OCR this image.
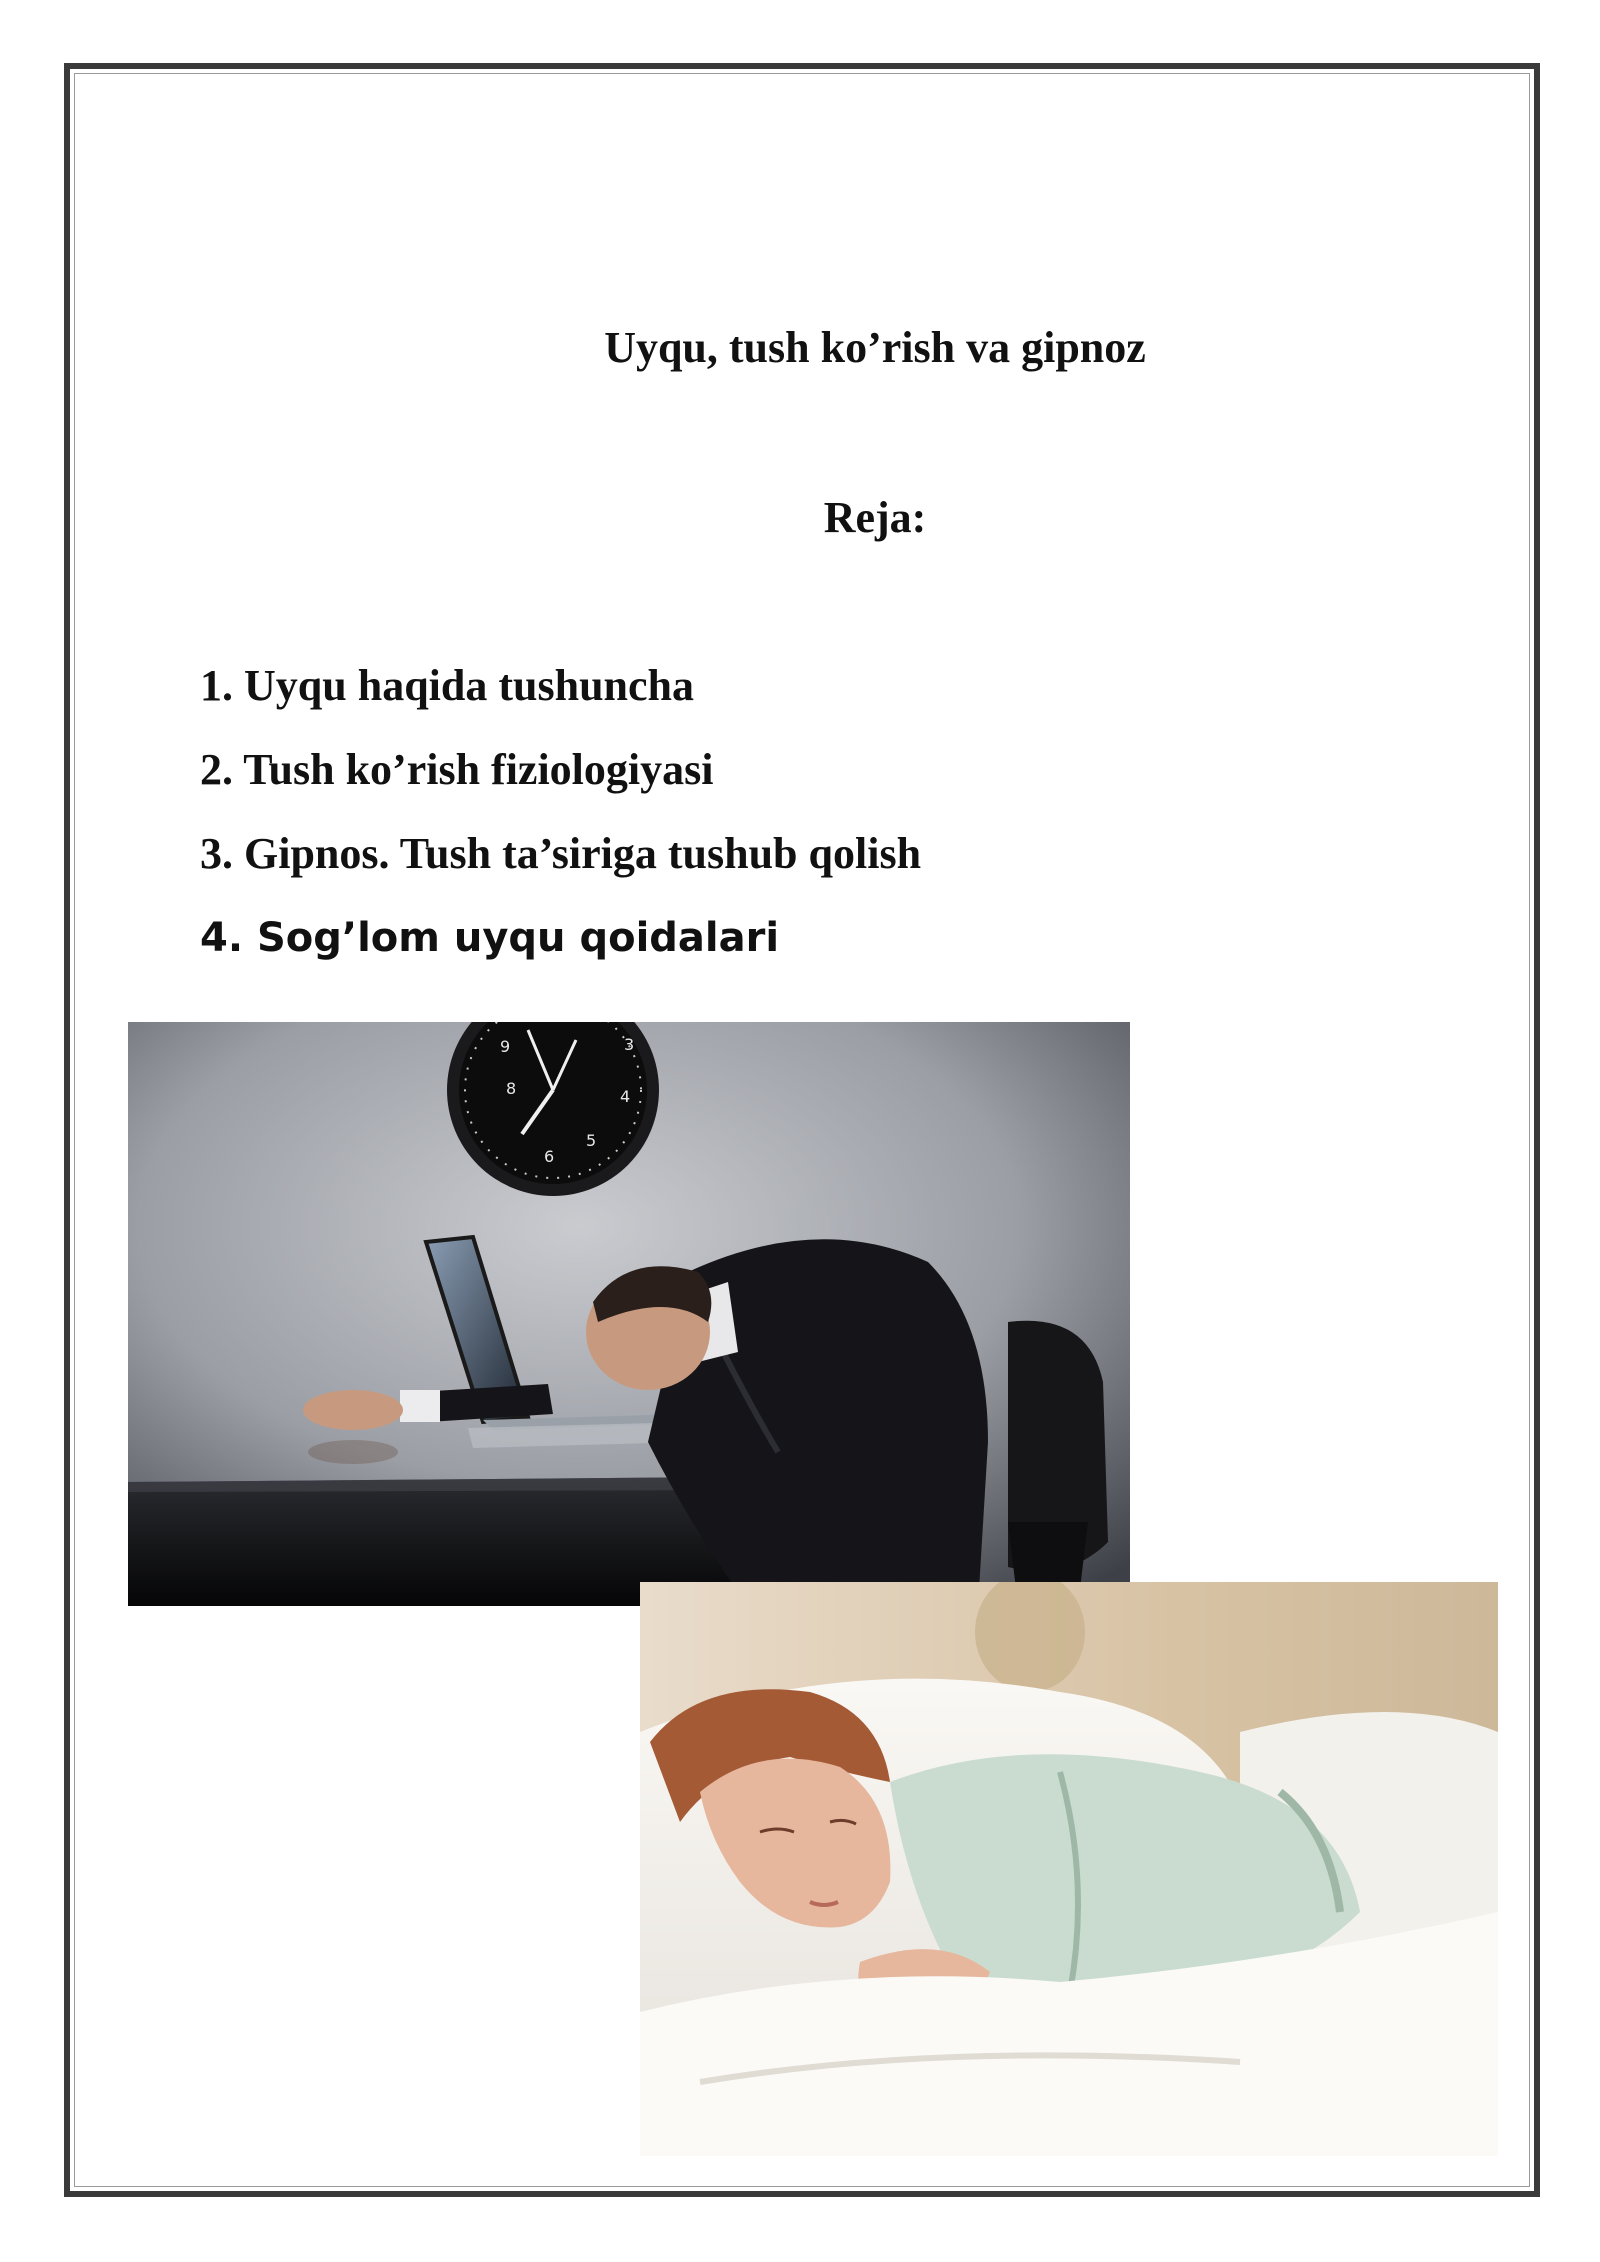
Uyqu, tush ko’rish va gipnoz
Reja:
1. Uyqu haqida tushuncha
2. Tush ko’rish fiziologiyasi
3. Gipnos. Tush ta’siriga tushub qolish
4. Sog’lom uyqu qoidalari
9
8
5
6
4
3
